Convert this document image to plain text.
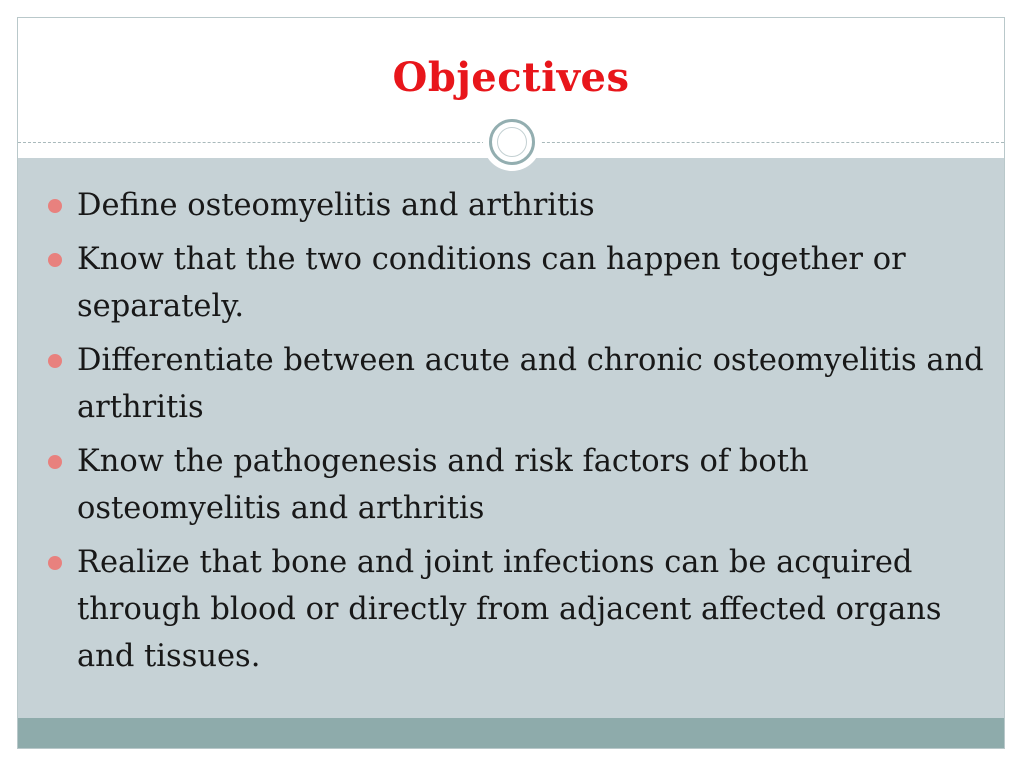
Objectives
Define osteomyelitis and arthritis
Know that the two conditions can happen together or separately.
Differentiate between acute and chronic osteomyelitis and arthritis
Know the pathogenesis and risk factors of both osteomyelitis and arthritis
Realize that bone and joint infections can be acquired through blood or directly from adjacent affected organs and tissues.
